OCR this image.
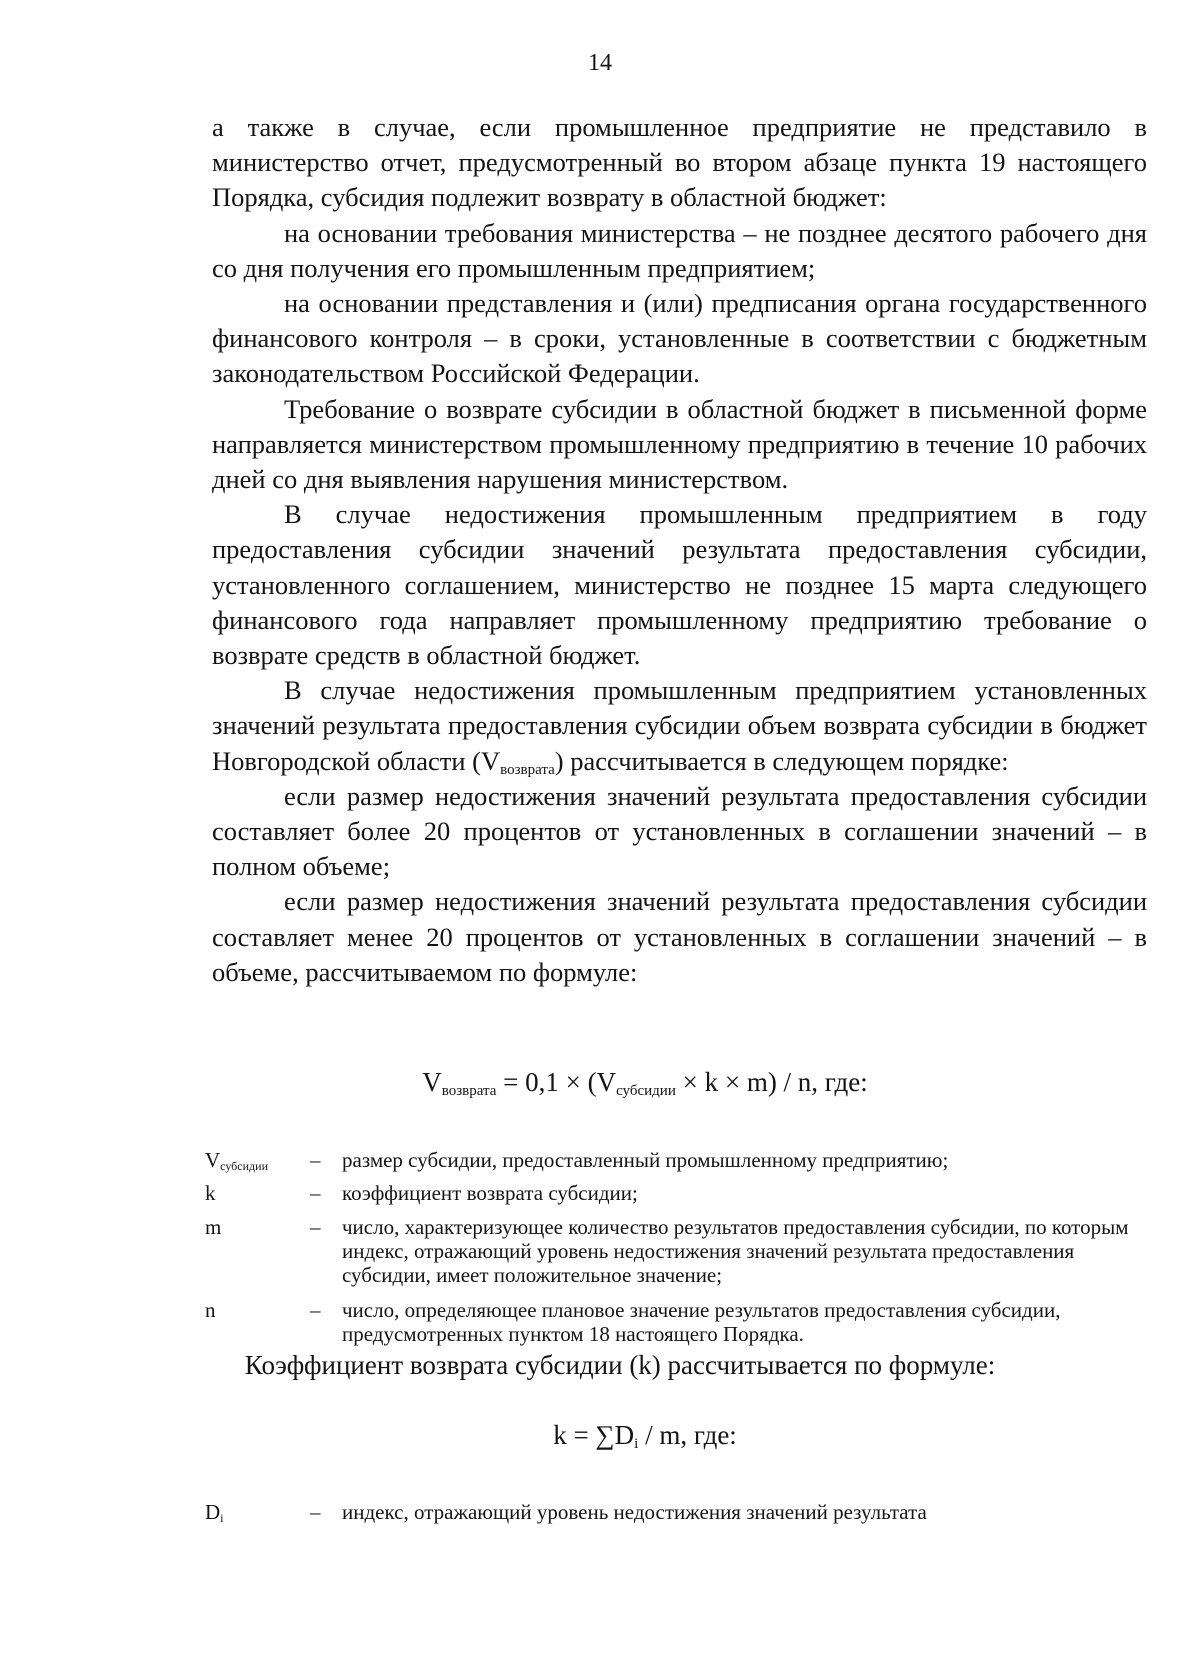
14

а также в случае, если промышленное предприятие не представило в министерство отчет, предусмотренный во втором абзаце пункта 19 настоящего Порядка, субсидия подлежит возврату в областной бюджет:

на основании требования министерства – не позднее десятого рабочего дня со дня получения его промышленным предприятием;

на основании представления и (или) предписания органа государственного финансового контроля – в сроки, установленные в соответствии с бюджетным законодательством Российской Федерации.

Требование о возврате субсидии в областной бюджет в письменной форме направляется министерством промышленному предприятию в течение 10 рабочих дней со дня выявления нарушения министерством.

В случае недостижения промышленным предприятием в году предоставления субсидии значений результата предоставления субсидии, установленного соглашением, министерство не позднее 15 марта следующего финансового года направляет промышленному предприятию требование о возврате средств в областной бюджет.

В случае недостижения промышленным предприятием установленных значений результата предоставления субсидии объем возврата субсидии в бюджет Новгородской области $(V_{возврата})$ рассчитывается в следующем порядке:

если размер недостижения значений результата предоставления субсидии составляет более 20 процентов от установленных в соглашении значений – в полном объеме;

если размер недостижения значений результата предоставления субсидии составляет менее 20 процентов от установленных в соглашении значений – в объеме, рассчитываемом по формуле:

$V_{возврата} = 0,1 \times (V_{субсидии} \times k \times m) / n$, где:
Vсубсидии	–	размер субсидии, предоставленный промышленному предприятию;
k	–	коэффициент возврата субсидии;
m	–	число, характеризующее количество результатов предоставления субсидии, по которым индекс, отражающий уровень недостижения значений результата предоставления субсидии, имеет положительное значение;
n	–	число, определяющее плановое значение результатов предоставления субсидии, предусмотренных пунктом 18 настоящего Порядка.
Коэффициент возврата субсидии (k) рассчитывается по формуле:
$k = \sum D_i / m$, где:
Di	–	индекс, отражающий уровень недостижения значений результата
